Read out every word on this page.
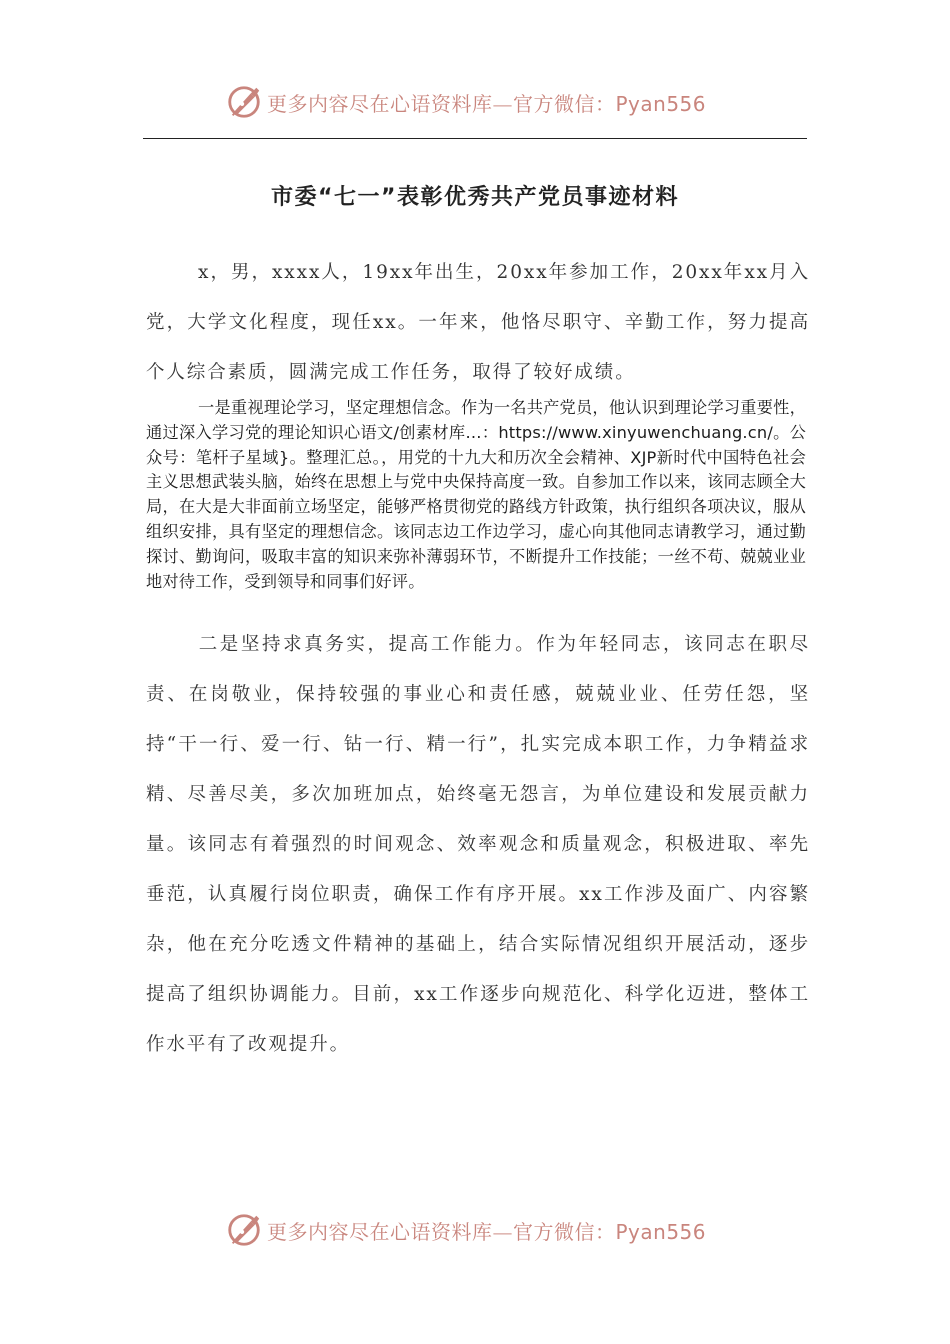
更多内容尽在心语资料库—官方微信：Pyan556
市委“七一”表彰优秀共产党员事迹材料
x，男，xxxx人，19xx年出生，20xx年参加工作，20xx年xx月入党，大学文化程度，现任xx。一年来，他恪尽职守、辛勤工作，努力提高个人综合素质，圆满完成工作任务，取得了较好成绩。
一是重视理论学习，坚定理想信念。作为一名共产党员，他认识到理论学习重要性，通过深入学习党的理论知识心语文/创素材库…：https://www.xinyuwenchuang.cn/。公众号：笔杆子星域}。整理汇总。，用党的十九大和历次全会精神、XJP新时代中国特色社会主义思想武装头脑，始终在思想上与党中央保持高度一致。自参加工作以来，该同志顾全大局，在大是大非面前立场坚定，能够严格贯彻党的路线方针政策，执行组织各项决议，服从组织安排，具有坚定的理想信念。该同志边工作边学习，虚心向其他同志请教学习，通过勤探讨、勤询问，吸取丰富的知识来弥补薄弱环节，不断提升工作技能；一丝不苟、兢兢业业地对待工作，受到领导和同事们好评。
二是坚持求真务实，提高工作能力。作为年轻同志，该同志在职尽责、在岗敬业，保持较强的事业心和责任感，兢兢业业、任劳任怨，坚持“干一行、爱一行、钻一行、精一行”，扎实完成本职工作，力争精益求精、尽善尽美，多次加班加点，始终毫无怨言，为单位建设和发展贡献力量。该同志有着强烈的时间观念、效率观念和质量观念，积极进取、率先垂范，认真履行岗位职责，确保工作有序开展。xx工作涉及面广、内容繁杂，他在充分吃透文件精神的基础上，结合实际情况组织开展活动，逐步提高了组织协调能力。目前，xx工作逐步向规范化、科学化迈进，整体工作水平有了改观提升。
更多内容尽在心语资料库—官方微信：Pyan556
